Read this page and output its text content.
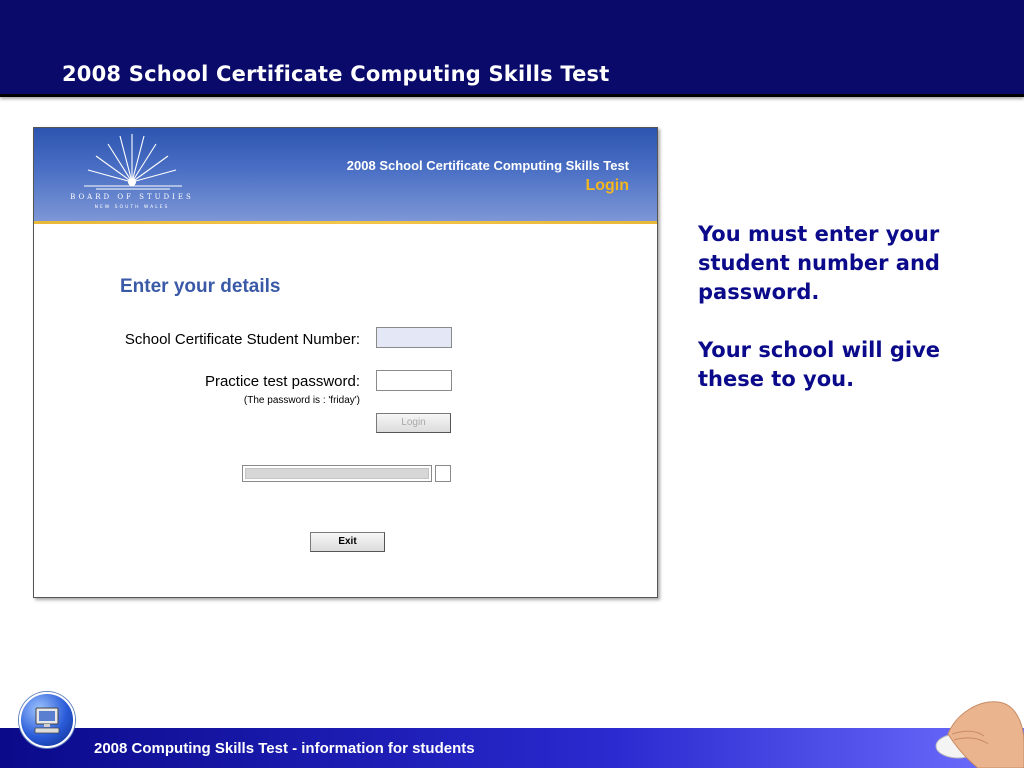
2008 School Certificate Computing Skills Test
BOARD OF STUDIES
NEW SOUTH WALES
2008 School Certificate Computing Skills Test
Login
Enter your details
School Certificate Student Number:
Practice test password:
(The password is : 'friday')
Login
Exit
You must enter your student number and password.
Your school will give these to you.
2008 Computing Skills Test - information for students
